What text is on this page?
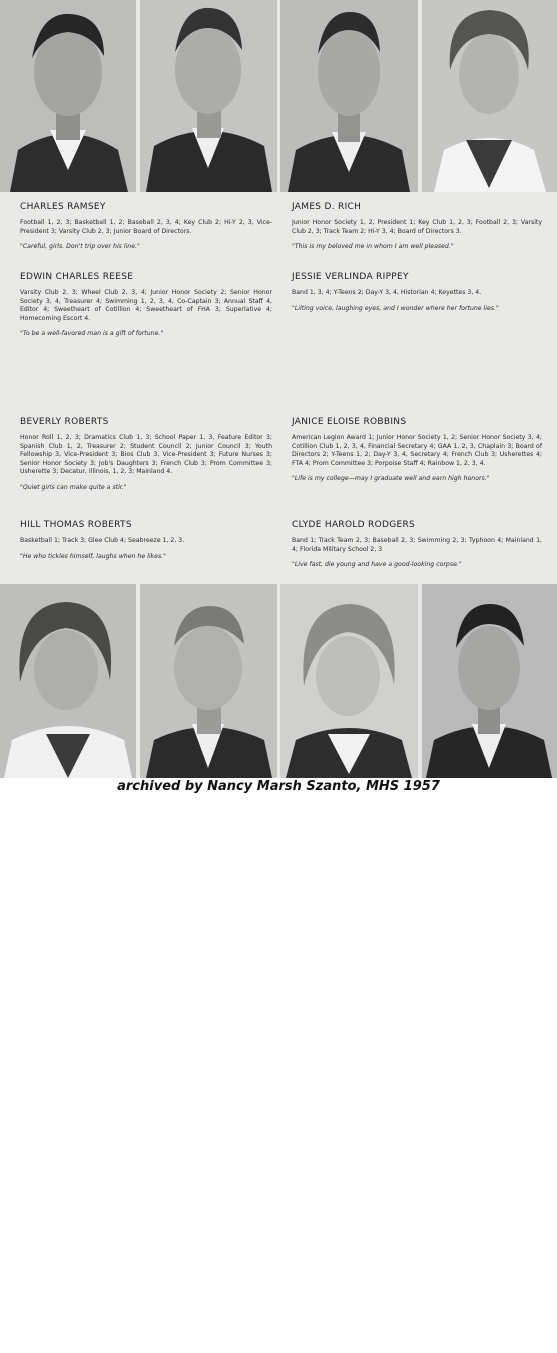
CHARLES RAMSEY
Football 1, 2, 3; Basketball 1, 2; Baseball 2, 3, 4; Key Club 2; Hi-Y 2, 3, Vice-President 3; Varsity Club 2, 3; Junior Board of Directors.
"Careful, girls. Don't trip over his line."
JAMES D. RICH
Junior Honor Society 1, 2, President 1; Key Club 1, 2, 3; Football 2, 3; Varsity Club 2, 3; Track Team 2; Hi-Y 3, 4; Board of Directors 3.
"This is my beloved me in whom I am well pleased."
EDWIN CHARLES REESE
Varsity Club 2, 3; Wheel Club 2, 3, 4; Junior Honor Society 2; Senior Honor Society 3, 4, Treasurer 4; Swimming 1, 2, 3, 4, Co-Captain 3; Annual Staff 4, Editor 4; Sweetheart of Cotillion 4; Sweetheart of FHA 3; Superlative 4; Homecoming Escort 4.
"To be a well-favored man is a gift of fortune."
JESSIE VERLINDA RIPPEY
Band 1, 3, 4; Y-Teens 2; Day-Y 3, 4, Historian 4; Keyettes 3, 4.
"Lilting voice, laughing eyes, and I wonder where her fortune lies."
BEVERLY ROBERTS
Honor Roll 1, 2, 3; Dramatics Club 1, 3; School Paper 1, 3, Feature Editor 3; Spanish Club 1, 2, Treasurer 2; Student Council 2; Junior Council 3; Youth Fellowship 3, Vice-President 3; Bios Club 3, Vice-President 3; Future Nurses 3; Senior Honor Society 3; Job's Daughters 3; French Club 3; Prom Committee 3; Usherette 3; Decatur, Illinois, 1, 2, 3; Mainland 4.
"Quiet girls can make quite a stir."
JANICE ELOISE ROBBINS
American Legion Award 1; Junior Honor Society 1, 2; Senior Honor Society 3, 4; Cotillion Club 1, 2, 3, 4, Financial Secretary 4; GAA 1, 2, 3, Chaplain 3; Board of Directors 2; Y-Teens 1, 2; Day-Y 3, 4, Secretary 4; French Club 3; Usherettes 4; FTA 4; Prom Committee 3; Porpoise Staff 4; Rainbow 1, 2, 3, 4.
"Life is my college—may I graduate well and earn high honors."
HILL THOMAS ROBERTS
Basketball 1; Track 3; Glee Club 4; Seabreeze 1, 2, 3.
"He who tickles himself, laughs when he likes."
CLYDE HAROLD RODGERS
Band 1; Track Team 2, 3; Baseball 2, 3; Swimming 2, 3; Typhoon 4; Mainland 1, 4; Florida Military School 2, 3
"Live fast, die young and have a good-looking corpse."
41
archived by Nancy Marsh Szanto, MHS 1957
